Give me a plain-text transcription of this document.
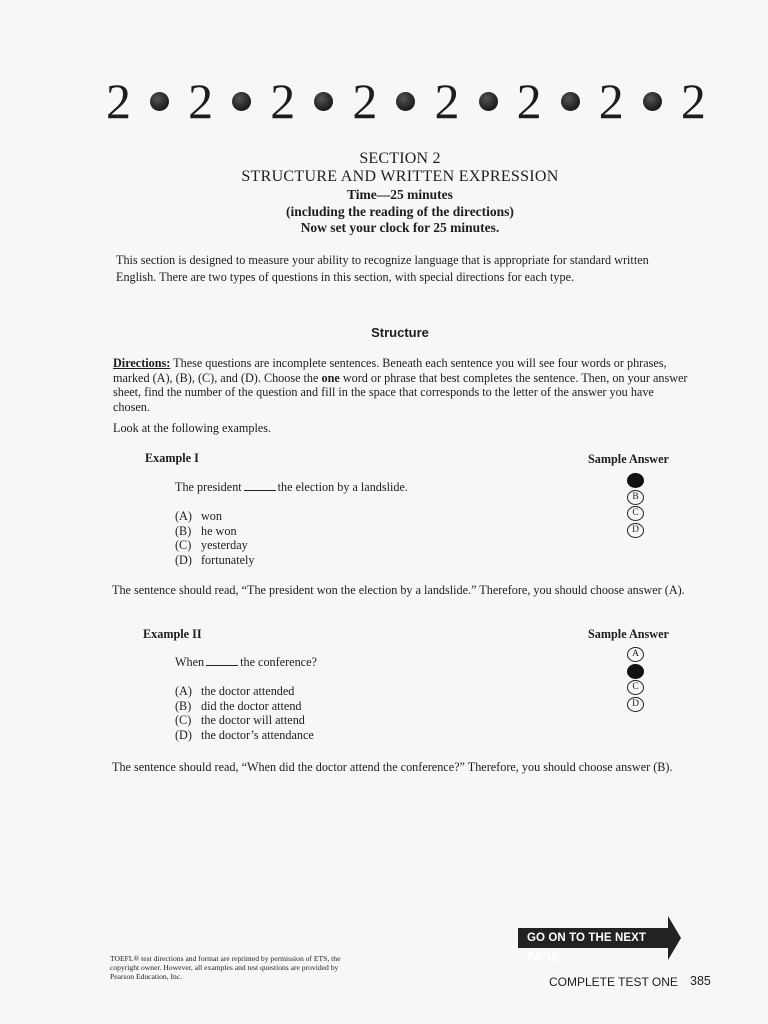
2 2 2 2 2 2 2 2
SECTION 2
STRUCTURE AND WRITTEN EXPRESSION
Time—25 minutes
(including the reading of the directions)
Now set your clock for 25 minutes.
This section is designed to measure your ability to recognize language that is appropriate for standard written English. There are two types of questions in this section, with special directions for each type.
Structure
Directions: These questions are incomplete sentences. Beneath each sentence you will see four words or phrases, marked (A), (B), (C), and (D). Choose the one word or phrase that best completes the sentence. Then, on your answer sheet, find the number of the question and fill in the space that corresponds to the letter of the answer you have chosen.
Look at the following examples.
Example I	Sample Answer
The president	the election by a landslide.
(A) won
(B) he won
(C) yesterday
(D) fortunately
B
C
D
The sentence should read, “The president won the election by a landslide.” Therefore, you should choose answer (A).
Example II	Sample Answer
When	the conference?
(A) the doctor attended
(B) did the doctor attend
(C) the doctor will attend
(D) the doctor’s attendance
A
C
D
The sentence should read, “When did the doctor attend the conference?” Therefore, you should choose answer (B).
TOEFL® test directions and format are reprinted by permission of ETS, the copyright owner. However, all examples and test questions are provided by Pearson Education, Inc.
GO ON TO THE NEXT PAGE
COMPLETE TEST ONE 385
